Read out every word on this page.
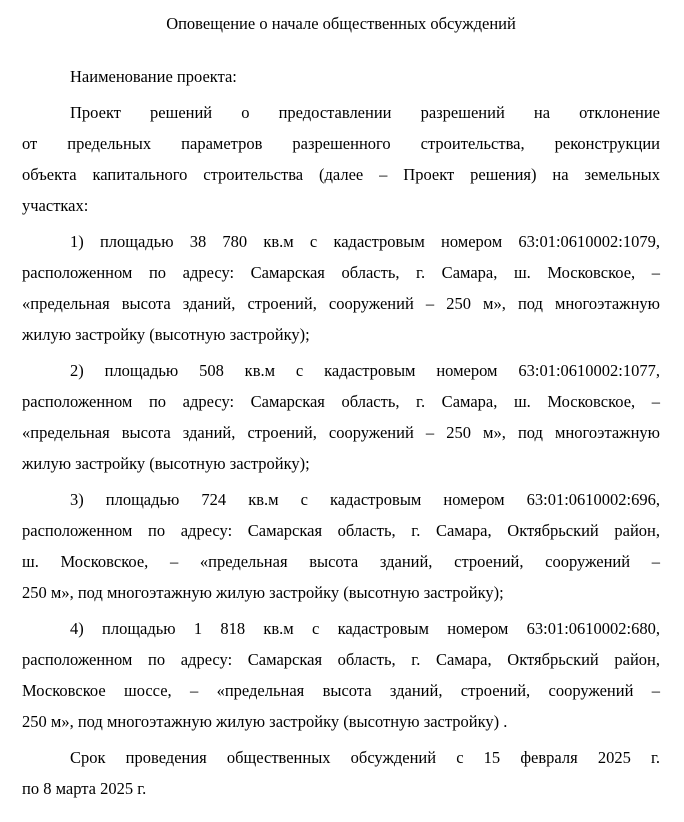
Оповещение о начале общественных обсуждений
Наименование проекта:
Проект решений о предоставлении разрешений на отклонение
от предельных параметров разрешенного строительства, реконструкции
объекта капитального строительства (далее – Проект решения) на земельных
участках:
1) площадью 38 780 кв.м с кадастровым номером 63:01:0610002:1079,
расположенном по адресу: Самарская область, г. Самара, ш. Московское, –
«предельная высота зданий, строений, сооружений – 250 м», под многоэтажную
жилую застройку (высотную застройку);
2) площадью 508 кв.м с кадастровым номером 63:01:0610002:1077,
расположенном по адресу: Самарская область, г. Самара, ш. Московское, –
«предельная высота зданий, строений, сооружений – 250 м», под многоэтажную
жилую застройку (высотную застройку);
3) площадью 724 кв.м с кадастровым номером 63:01:0610002:696,
расположенном по адресу: Самарская область, г. Самара, Октябрьский район,
ш. Московское, – «предельная высота зданий, строений, сооружений –
250 м», под многоэтажную жилую застройку (высотную застройку);
4) площадью 1 818 кв.м с кадастровым номером 63:01:0610002:680,
расположенном по адресу: Самарская область, г. Самара, Октябрьский район,
Московское шоссе, – «предельная высота зданий, строений, сооружений –
250 м», под многоэтажную жилую застройку (высотную застройку) .
Срок проведения общественных обсуждений с 15 февраля 2025 г.
по 8 марта 2025 г.
